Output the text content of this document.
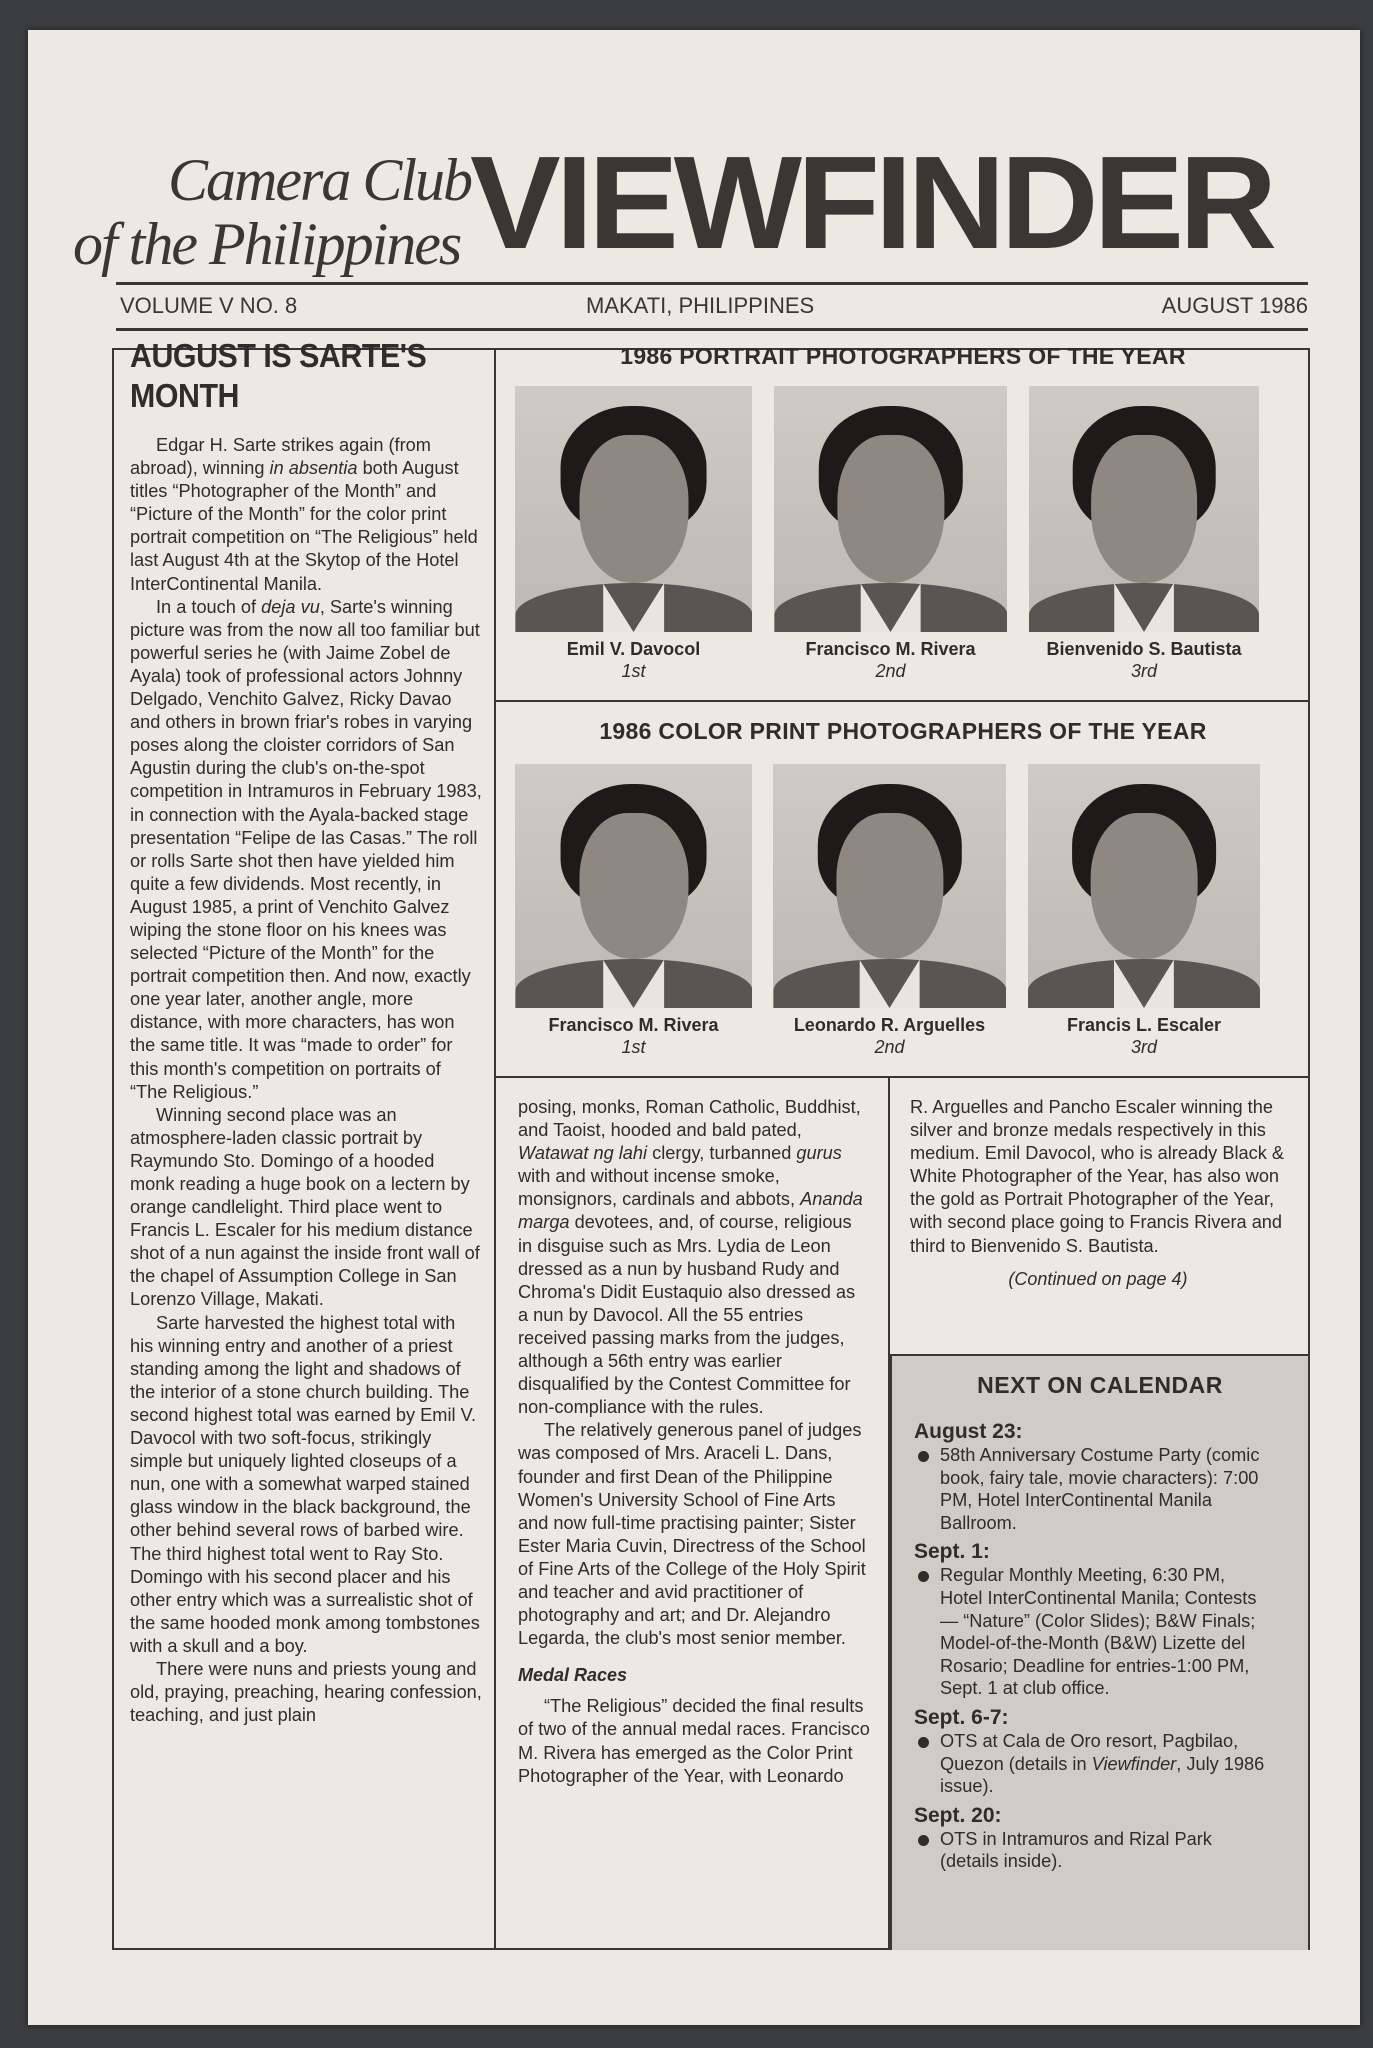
Camera Club
of the Philippines VIEWFINDER
VOLUME V NO. 8	MAKATI, PHILIPPINES	AUGUST 1986
AUGUST IS SARTE'S MONTH

Edgar H. Sarte strikes again (from abroad), winning in absentia both August titles “Photographer of the Month” and “Picture of the Month” for the color print portrait competition on “The Religious” held last August 4th at the Skytop of the Hotel InterContinental Manila.

In a touch of deja vu, Sarte's winning picture was from the now all too familiar but powerful series he (with Jaime Zobel de Ayala) took of professional actors Johnny Delgado, Venchito Galvez, Ricky Davao and others in brown friar's robes in varying poses along the cloister corridors of San Agustin during the club's on-the-spot competition in Intramuros in February 1983, in connection with the Ayala-backed stage presentation “Felipe de las Casas.” The roll or rolls Sarte shot then have yielded him quite a few dividends. Most recently, in August 1985, a print of Venchito Galvez wiping the stone floor on his knees was selected “Picture of the Month” for the portrait competition then. And now, exactly one year later, another angle, more distance, with more characters, has won the same title. It was “made to order” for this month's competition on portraits of “The Religious.”

Winning second place was an atmosphere-laden classic portrait by Raymundo Sto. Domingo of a hooded monk reading a huge book on a lectern by orange candlelight. Third place went to Francis L. Escaler for his medium distance shot of a nun against the inside front wall of the chapel of Assumption College in San Lorenzo Village, Makati.

Sarte harvested the highest total with his winning entry and another of a priest standing among the light and shadows of the interior of a stone church building. The second highest total was earned by Emil V. Davocol with two soft-focus, strikingly simple but uniquely lighted closeups of a nun, one with a somewhat warped stained glass window in the black background, the other behind several rows of barbed wire. The third highest total went to Ray Sto. Domingo with his second placer and his other entry which was a surrealistic shot of the same hooded monk among tombstones with a skull and a boy.

There were nuns and priests young and old, praying, preaching, hearing confession, teaching, and just plain

1986 PORTRAIT PHOTOGRAPHERS OF THE YEAR
Emil V. Davocol
1st
Francisco M. Rivera
2nd
Bienvenido S. Bautista
3rd
1986 COLOR PRINT PHOTOGRAPHERS OF THE YEAR
Francisco M. Rivera
1st
Leonardo R. Arguelles
2nd
Francis L. Escaler
3rd

posing, monks, Roman Catholic, Buddhist, and Taoist, hooded and bald pated, Watawat ng lahi clergy, turbanned gurus with and without incense smoke, monsignors, cardinals and abbots, Ananda marga devotees, and, of course, religious in disguise such as Mrs. Lydia de Leon dressed as a nun by husband Rudy and Chroma's Didit Eustaquio also dressed as a nun by Davocol. All the 55 entries received passing marks from the judges, although a 56th entry was earlier disqualified by the Contest Committee for non-compliance with the rules.

The relatively generous panel of judges was composed of Mrs. Araceli L. Dans, founder and first Dean of the Philippine Women's University School of Fine Arts and now full-time practising painter; Sister Ester Maria Cuvin, Directress of the School of Fine Arts of the College of the Holy Spirit and teacher and avid practitioner of photography and art; and Dr. Alejandro Legarda, the club's most senior member.

Medal Races

“The Religious” decided the final results of two of the annual medal races. Francisco M. Rivera has emerged as the Color Print Photographer of the Year, with Leonardo

R. Arguelles and Pancho Escaler winning the silver and bronze medals respectively in this medium. Emil Davocol, who is already Black & White Photographer of the Year, has also won the gold as Portrait Photographer of the Year, with second place going to Francis Rivera and third to Bienvenido S. Bautista.

(Continued on page 4)
NEXT ON CALENDAR
August 23:
58th Anniversary Costume Party (comic book, fairy tale, movie characters): 7:00 PM, Hotel InterContinental Manila Ballroom.
Sept. 1:
Regular Monthly Meeting, 6:30 PM, Hotel InterContinental Manila; Contests — “Nature” (Color Slides); B&W Finals; Model-of-the-Month (B&W) Lizette del Rosario; Deadline for entries-1:00 PM, Sept. 1 at club office.
Sept. 6-7:
OTS at Cala de Oro resort, Pagbilao, Quezon (details in Viewfinder, July 1986 issue).
Sept. 20:
OTS in Intramuros and Rizal Park (details inside).
